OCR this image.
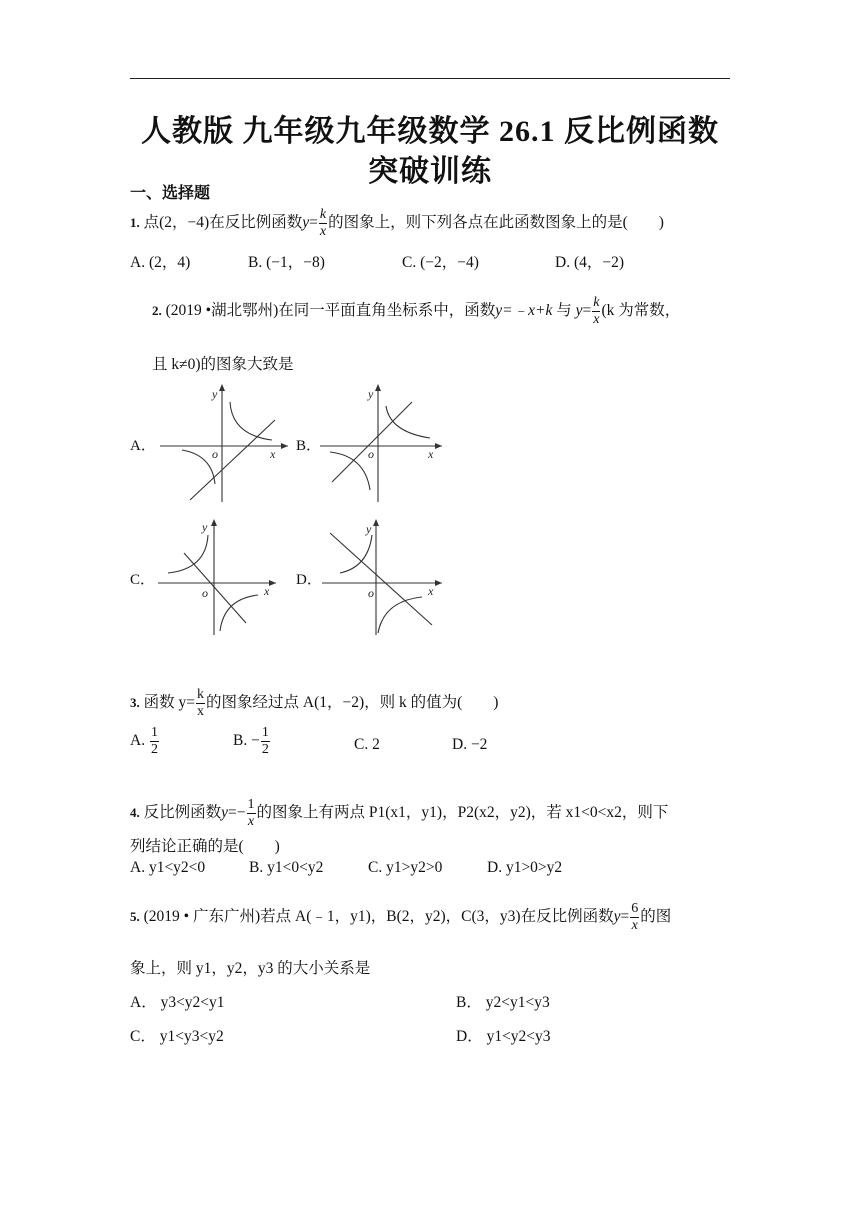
人教版 九年级九年级数学 26.1 反比例函数
突破训练
一、选择题
1. 点(2，−4)在反比例函数$y= \frac{k}{x}$ 的图象上，则下列各点在此函数图象上的是(　　)
A. (2，4)	B. (−1，−8)	C. (−2，−4)	D. (4，−2)
2. (2019 •湖北鄂州)在同一平面直角坐标系中，函数y=﹣x+k 与 $y= \frac{k}{x} (k$ 为常数，
且 k≠0)的图象大致是
A．	B．
C．	D．
y
x
o
y
x
o
y
x
o
y
x
o
3. 函数 $y= \frac{k}{x}$ 的图象经过点 A(1，−2)，则 k 的值为(　　)
A. $\frac{1}{2}$	B. − $\frac{1}{2}$	C. 2	D. −2
4. 反比例函数$y=- \frac{1}{x}$ 的图象上有两点 P1(x1，y1)，P2(x2，y2)，若 x1<0<x2，则下
列结论正确的是(　　)
A. y1<y2<0	B. y1<0<y2	C. y1>y2>0	D. y1>0>y2
5. (2019 • 广东广州)若点 A(﹣1，y1)，B(2，y2)，C(3，y3)在反比例函数$y= \frac{6}{x}$ 的图
象上，则 y1，y2，y3 的大小关系是
A． y3<y2<y1	B． y2<y1<y3
C． y1<y3<y2	D． y1<y2<y3
